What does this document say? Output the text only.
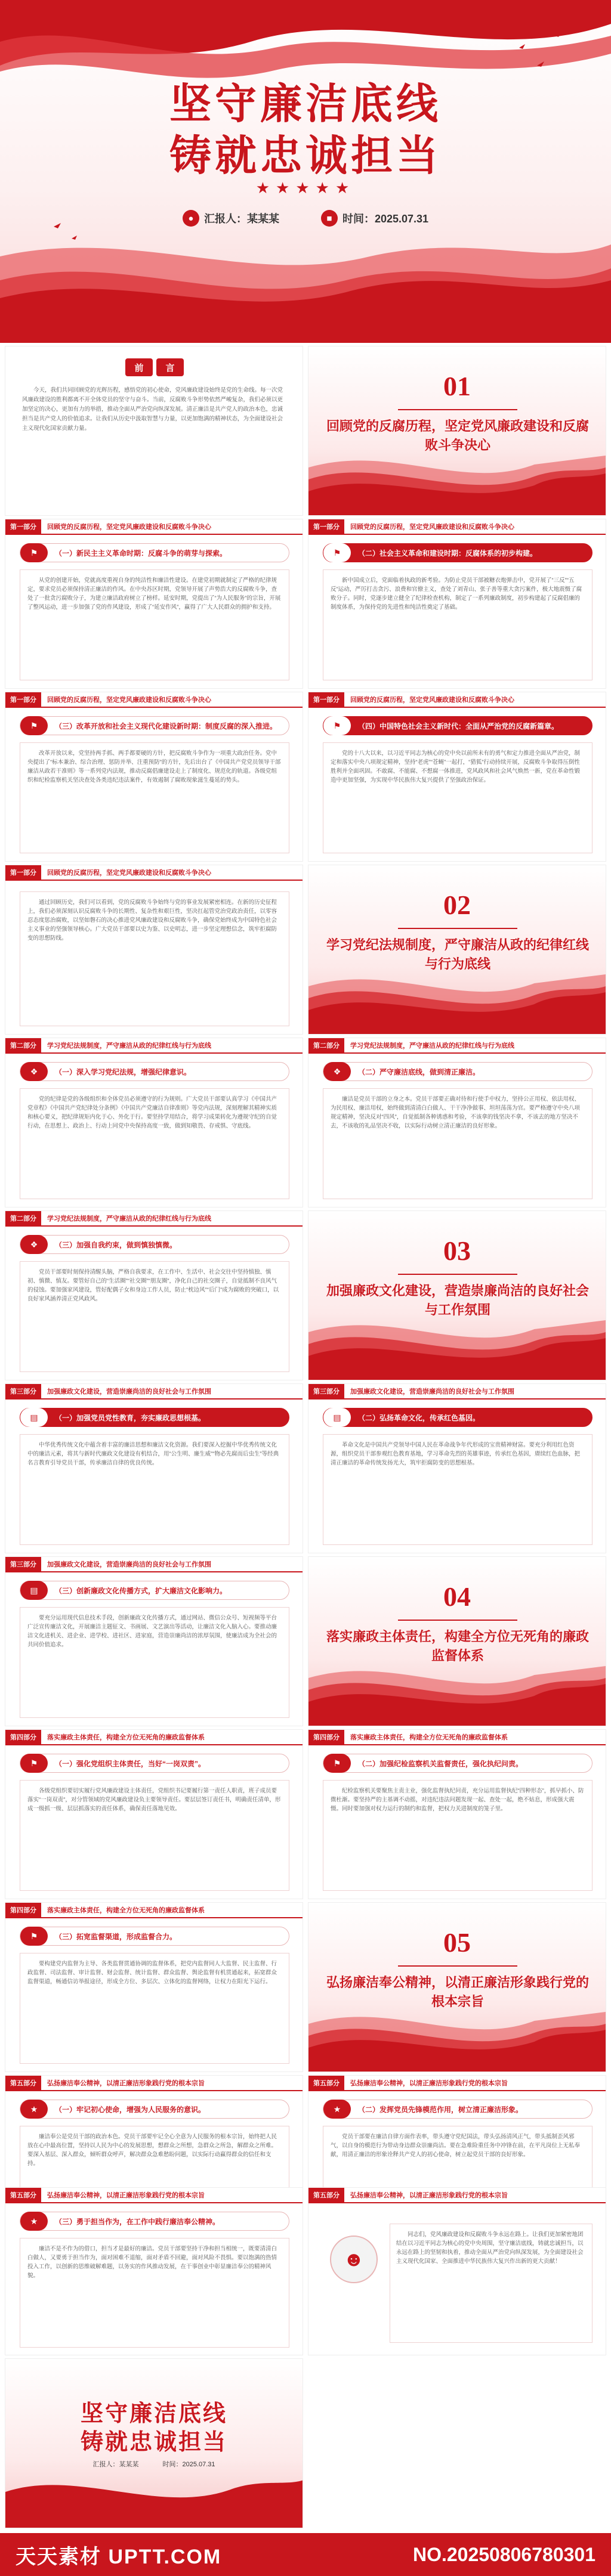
坚守廉洁底线
铸就忠诚担当
★★★★★
● 汇报人：某某某	■ 时间：2025.07.31
前	言

今天，我们共同回顾党的光辉历程，感悟党的初心使命，党风廉政建设始终是党的生命线。每一次党风廉政建设的胜利都离不开全体党员的坚守与奋斗。当前，反腐败斗争形势依然严峻复杂，我们必须以更加坚定的决心，更加有力的举措，推动全面从严治党向纵深发展。清正廉洁是共产党人的政治本色，忠诚担当是共产党人的价值追求。让我们从历史中汲取智慧与力量，以更加饱满的精神状态，为全面建设社会主义现代化国家贡献力量。

01
回顾党的反腐历程，坚定党风廉政建设和反腐败斗争决心
第一部分	回顾党的反腐历程，坚定党风廉政建设和反腐败斗争决心
⚑	（一）新民主主义革命时期：反腐斗争的萌芽与探索。

从党的创建开始，党就高度重视自身的纯洁性和廉洁性建设。在建党初期就制定了严格的纪律规定，要求党员必须保持清正廉洁的作风。在中央苏区时期，党领导开展了声势浩大的反腐败斗争，查处了一批贪污腐败分子，为建立廉洁政府树立了榜样。延安时期，党提出了“为人民服务”的宗旨，开展了整风运动，进一步加强了党的作风建设，形成了“延安作风”，赢得了广大人民群众的拥护和支持。

第一部分	回顾党的反腐历程，坚定党风廉政建设和反腐败斗争决心
⚑	（二）社会主义革命和建设时期：反腐体系的初步构建。

新中国成立后，党面临着执政的新考验。为防止党员干部被糖衣炮弹击中，党开展了“三反”“五反”运动，严厉打击贪污、浪费和官僚主义，查处了刘青山、张子善等重大贪污案件，极大地震慑了腐败分子。同时，党逐步建立健全了纪律检查机构，制定了一系列廉政制度，初步构建起了反腐倡廉的制度体系，为保持党的先进性和纯洁性奠定了基础。

第一部分	回顾党的反腐历程，坚定党风廉政建设和反腐败斗争决心
⚑	（三）改革开放和社会主义现代化建设新时期：制度反腐的深入推进。

改革开放以来，党坚持两手抓、两手都要硬的方针，把反腐败斗争作为一项重大政治任务。党中央提出了“标本兼治、综合治理、惩防并举、注重预防”的方针，先后出台了《中国共产党党员领导干部廉洁从政若干准则》等一系列党内法规，推动反腐倡廉建设走上了制度化、规范化的轨道。各级党组织和纪检监察机关坚决查处各类违纪违法案件，有效遏制了腐败现象滋生蔓延的势头。

第一部分	回顾党的反腐历程，坚定党风廉政建设和反腐败斗争决心
⚑	（四）中国特色社会主义新时代：全面从严治党的反腐新篇章。

党的十八大以来，以习近平同志为核心的党中央以前所未有的勇气和定力推进全面从严治党，制定和落实中央八项规定精神，坚持“老虎”“苍蝇”一起打，“猎狐”行动持续开展，反腐败斗争取得压倒性胜利并全面巩固。不敢腐、不能腐、不想腐一体推进，党风政风和社会风气焕然一新，党在革命性锻造中更加坚强，为实现中华民族伟大复兴提供了坚强政治保证。

第一部分	回顾党的反腐历程，坚定党风廉政建设和反腐败斗争决心

通过回顾历史，我们可以看到，党的反腐败斗争始终与党的事业发展紧密相连。在新的历史征程上，我们必须深刻认识反腐败斗争的长期性、复杂性和艰巨性，坚决扛起管党治党政治责任，以零容忍态度惩治腐败，以坚如磐石的决心推进党风廉政建设和反腐败斗争，确保党始终成为中国特色社会主义事业的坚强领导核心。广大党员干部要以史为鉴、以史明志，进一步坚定理想信念，筑牢拒腐防变的思想防线。

02
学习党纪法规制度，严守廉洁从政的纪律红线与行为底线
第二部分	学习党纪法规制度，严守廉洁从政的纪律红线与行为底线
❖	（一）深入学习党纪法规，增强纪律意识。

党的纪律是党的各级组织和全体党员必须遵守的行为规则。广大党员干部要认真学习《中国共产党章程》《中国共产党纪律处分条例》《中国共产党廉洁自律准则》等党内法规，深刻理解其精神实质和核心要义，把纪律规矩内化于心、外化于行。要坚持学用结合，将学习成果转化为遵规守纪的自觉行动，在思想上、政治上、行动上同党中央保持高度一致，做到知敬畏、存戒惧、守底线。

第二部分	学习党纪法规制度，严守廉洁从政的纪律红线与行为底线
❖	（二）严守廉洁底线，做到清正廉洁。

廉洁是党员干部的立身之本。党员干部要正确对待和行使手中权力，坚持公正用权、依法用权、为民用权、廉洁用权，始终做到清清白白做人、干干净净做事、坦坦荡荡为官。要严格遵守中央八项规定精神，坚决反对“四风”，自觉抵制各种诱惑和考验，不该拿的钱坚决不拿，不该去的地方坚决不去，不该收的礼品坚决不收，以实际行动树立清正廉洁的良好形象。

第二部分	学习党纪法规制度，严守廉洁从政的纪律红线与行为底线
❖	（三）加强自我约束，做到慎独慎微。

党员干部要时刻保持清醒头脑，严格自我要求，在工作中、生活中、社会交往中坚持慎独、慎初、慎微、慎友。要管好自己的“生活圈”“社交圈”“朋友圈”，净化自己的社交圈子，自觉抵制不良风气的侵蚀。要加强家风建设，管好配偶子女和身边工作人员，防止“枕边风”“后门”成为腐败的突破口，以良好家风涵养清正党风政风。

03
加强廉政文化建设，营造崇廉尚洁的良好社会与工作氛围
第三部分	加强廉政文化建设，营造崇廉尚洁的良好社会与工作氛围
▤	（一）加强党员党性教育，夯实廉政思想根基。

中华优秀传统文化中蕴含着丰富的廉洁思想和廉洁文化资源。我们要深入挖掘中华优秀传统文化中的廉洁元素，将其与新时代廉政文化建设有机结合，用“公生明、廉生威”“物必先腐而后虫生”等经典名言教育引导党员干部，传承廉洁自律的优良传统。

第三部分	加强廉政文化建设，营造崇廉尚洁的良好社会与工作氛围
▤	（二）弘扬革命文化，传承红色基因。

革命文化是中国共产党领导中国人民在革命战争年代形成的宝贵精神财富。要充分利用红色资源，组织党员干部参观红色教育基地，学习革命先烈的英雄事迹，传承红色基因，赓续红色血脉，把清正廉洁的革命传统发扬光大，筑牢拒腐防变的思想根基。

第三部分	加强廉政文化建设，营造崇廉尚洁的良好社会与工作氛围
▤	（三）创新廉政文化传播方式，扩大廉洁文化影响力。

要充分运用现代信息技术手段，创新廉政文化传播方式，通过网站、微信公众号、短视频等平台广泛宣传廉洁文化，开展廉洁主题征文、书画展、文艺演出等活动，让廉洁文化入脑入心。要推动廉洁文化进机关、进企业、进学校、进社区、进家庭，营造崇廉尚洁的浓厚氛围，使廉洁成为全社会的共同价值追求。

04
落实廉政主体责任，构建全方位无死角的廉政监督体系
第四部分	落实廉政主体责任，构建全方位无死角的廉政监督体系
⚑	（一）强化党组织主体责任，当好“一岗双责”。

各级党组织要切实履行党风廉政建设主体责任，党组织书记要履行第一责任人职责，班子成员要落实“一岗双责”，对分管领域的党风廉政建设负主要领导责任。要层层签订责任书，明确责任清单，形成一级抓一级、层层抓落实的责任体系，确保责任落地见效。

第四部分	落实廉政主体责任，构建全方位无死角的廉政监督体系
⚑	（二）加强纪检监察机关监督责任，强化执纪问责。

纪检监察机关要聚焦主责主业，强化监督执纪问责，充分运用监督执纪“四种形态”，抓早抓小、防微杜渐。要坚持严的主基调不动摇，对违纪违法问题发现一起、查处一起，绝不姑息，形成强大震慑。同时要加强对权力运行的制约和监督，把权力关进制度的笼子里。

第四部分	落实廉政主体责任，构建全方位无死角的廉政监督体系
⚑	（三）拓宽监督渠道，形成监督合力。

要构建党内监督为主导、各类监督贯通协调的监督体系，把党内监督同人大监督、民主监督、行政监督、司法监督、审计监督、财会监督、统计监督、群众监督、舆论监督有机贯通起来，拓宽群众监督渠道，畅通信访举报途径，形成全方位、多层次、立体化的监督网络，让权力在阳光下运行。

05
弘扬廉洁奉公精神，以清正廉洁形象践行党的根本宗旨
第五部分	弘扬廉洁奉公精神，以清正廉洁形象践行党的根本宗旨
★	（一）牢记初心使命，增强为人民服务的意识。

廉洁奉公是党员干部的政治本色。党员干部要牢记全心全意为人民服务的根本宗旨，始终把人民放在心中最高位置，坚持以人民为中心的发展思想，想群众之所想，急群众之所急，解群众之所难。要深入基层、深入群众，倾听群众呼声，解决群众急难愁盼问题，以实际行动赢得群众的信任和支持。

第五部分	弘扬廉洁奉公精神，以清正廉洁形象践行党的根本宗旨
★	（二）发挥党员先锋模范作用，树立清正廉洁形象。

党员干部要在廉洁自律方面作表率，带头遵守党纪国法，带头弘扬清风正气，带头抵制歪风邪气，以自身的模范行为带动身边群众崇廉尚洁。要在急难险重任务中冲锋在前，在平凡岗位上无私奉献，用清正廉洁的形象诠释共产党人的初心使命，树立起党员干部的良好形象。

第五部分	弘扬廉洁奉公精神，以清正廉洁形象践行党的根本宗旨
★	（三）勇于担当作为，在工作中践行廉洁奉公精神。

廉洁不是不作为的借口，担当才是最好的廉洁。党员干部要坚持干净和担当相统一，既要清清白白做人，又要勇于担当作为，面对困难不退缩，面对矛盾不回避，面对风险不畏惧。要以饱满的热情投入工作，以创新的思维破解难题，以务实的作风推动发展，在干事创业中彰显廉洁奉公的精神风貌。

第五部分	弘扬廉洁奉公精神，以清正廉洁形象践行党的根本宗旨
☻

同志们，党风廉政建设和反腐败斗争永远在路上。让我们更加紧密地团结在以习近平同志为核心的党中央周围，坚守廉洁底线，铸就忠诚担当，以永远在路上的坚韧和执着，推动全面从严治党向纵深发展，为全面建设社会主义现代化国家、全面推进中华民族伟大复兴作出新的更大贡献！

坚守廉洁底线
铸就忠诚担当
汇报人：某某某	时间：2025.07.31
天天素材 UPTT.COM	NO.20250806780301
